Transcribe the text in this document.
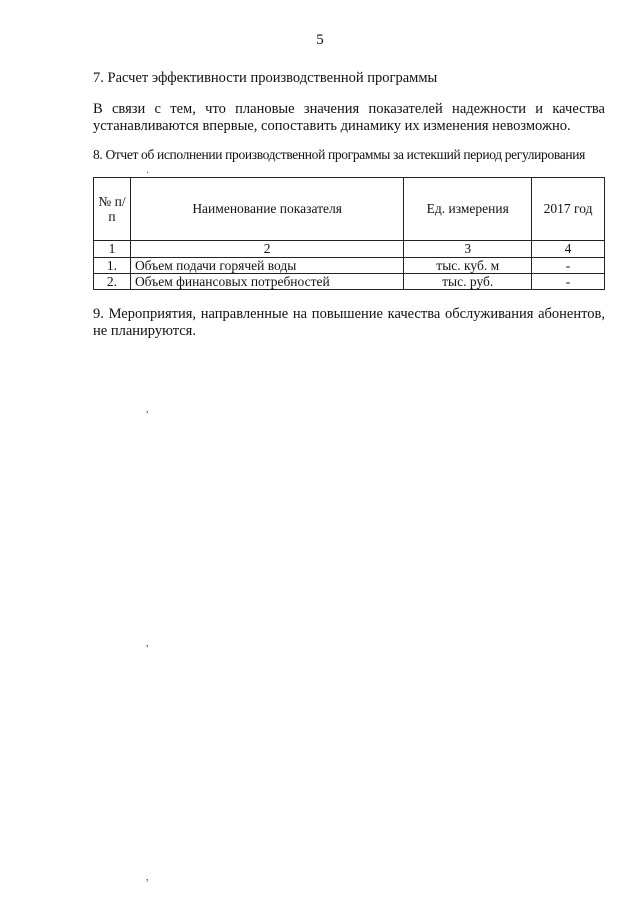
5
7. Расчет эффективности производственной программы
В связи с тем, что плановые значения показателей надежности и качества устанавливаются впервые, сопоставить динамику их изменения невозможно.
8. Отчет об исполнении производственной программы за истекший период регулирования
№ п/п	Наименование показателя	Ед. измерения	2017 год
1	2	3	4
1.	Объем подачи горячей воды	тыс. куб. м	-
2.	Объем финансовых потребностей	тыс. руб.	-
9. Мероприятия, направленные на повышение качества обслуживания абонентов, не планируются.
·
,
,
,
